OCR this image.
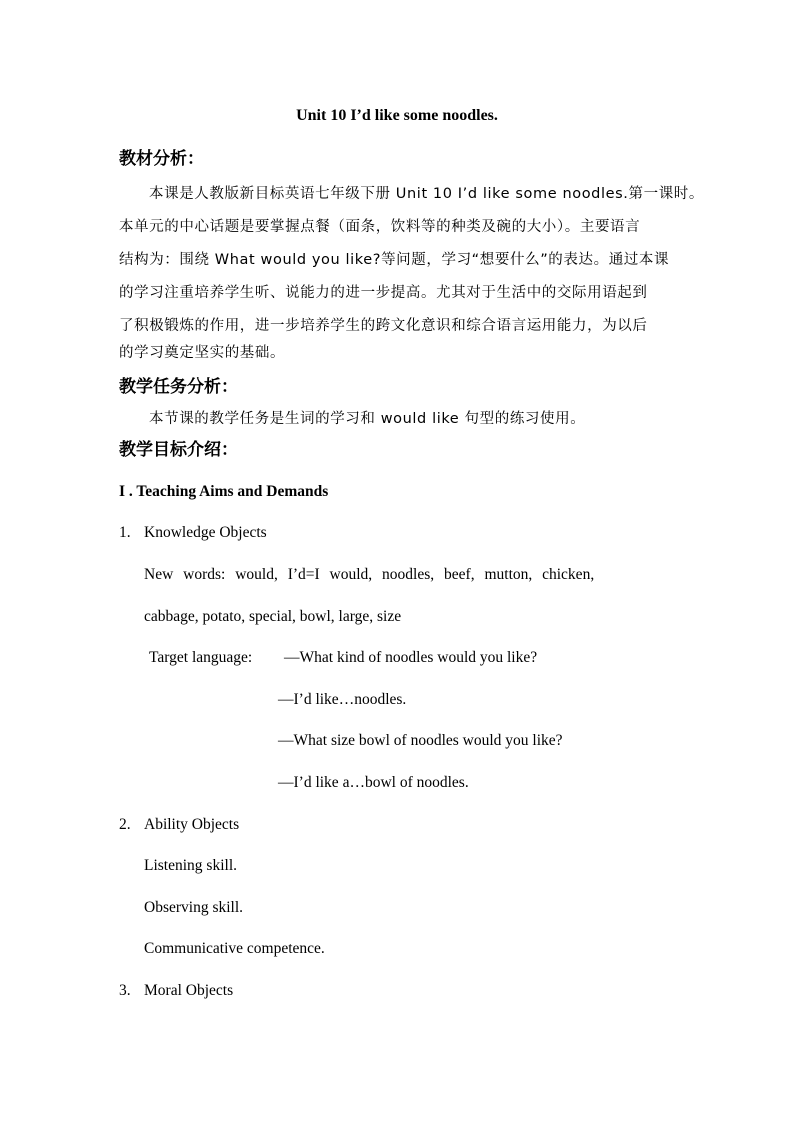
Unit 10 I’d like some noodles.
教材分析：
本课是人教版新目标英语七年级下册 Unit 10 I’d like some noodles.第一课时。
本单元的中心话题是要掌握点餐（面条，饮料等的种类及碗的大小）。主要语言
结构为：围绕 What would you like?等问题，学习“想要什么”的表达。通过本课
的学习注重培养学生听、说能力的进一步提高。尤其对于生活中的交际用语起到
了积极锻炼的作用，进一步培养学生的跨文化意识和综合语言运用能力，为以后
的学习奠定坚实的基础。
教学任务分析：
本节课的教学任务是生词的学习和 would like 句型的练习使用。
教学目标介绍：
I . Teaching Aims and Demands
1. Knowledge Objects
New words: would, I’d=I would, noodles, beef, mutton, chicken,
cabbage, potato, special, bowl, large, size
Target language: —What kind of noodles would you like?
—I’d like…noodles.
—What size bowl of noodles would you like?
—I’d like a…bowl of noodles.
2. Ability Objects
Listening skill.
Observing skill.
Communicative competence.
3. Moral Objects
